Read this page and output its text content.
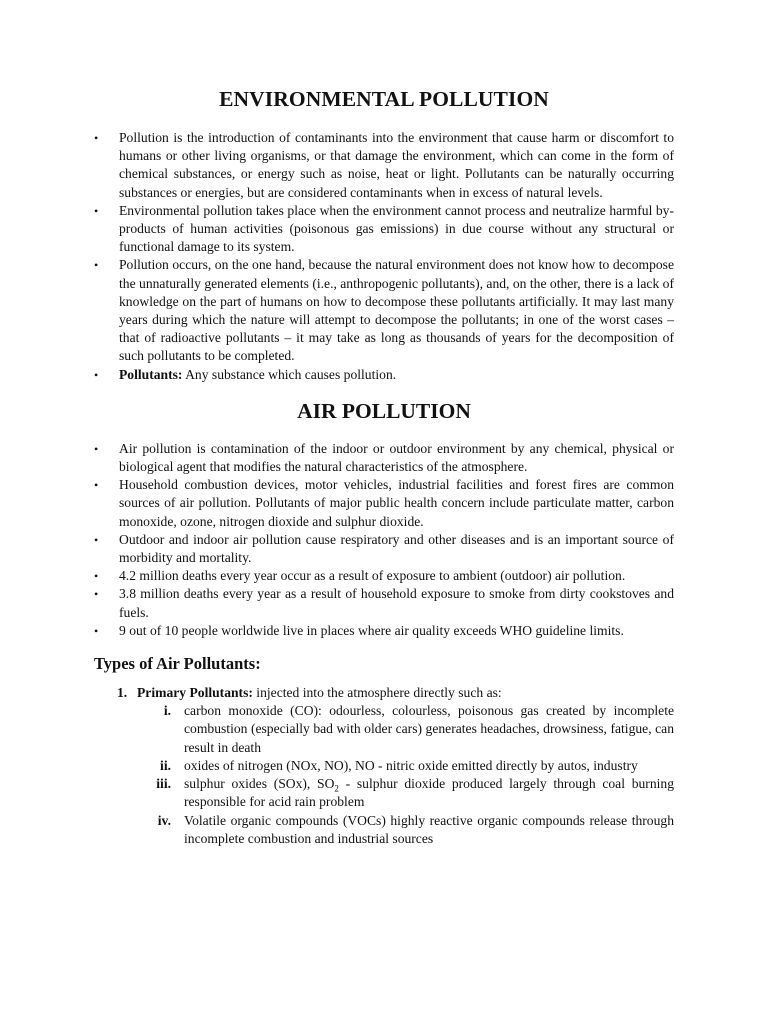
ENVIRONMENTAL POLLUTION
• Pollution is the introduction of contaminants into the environment that cause harm or discomfort to humans or other living organisms, or that damage the environment, which can come in the form of chemical substances, or energy such as noise, heat or light. Pollutants can be naturally occurring substances or energies, but are considered contaminants when in excess of natural levels.
• Environmental pollution takes place when the environment cannot process and neutralize harmful by-products of human activities (poisonous gas emissions) in due course without any structural or functional damage to its system.
• Pollution occurs, on the one hand, because the natural environment does not know how to decompose the unnaturally generated elements (i.e., anthropogenic pollutants), and, on the other, there is a lack of knowledge on the part of humans on how to decompose these pollutants artificially. It may last many years during which the nature will attempt to decompose the pollutants; in one of the worst cases – that of radioactive pollutants – it may take as long as thousands of years for the decomposition of such pollutants to be completed.
• Pollutants: Any substance which causes pollution.
AIR POLLUTION
• Air pollution is contamination of the indoor or outdoor environment by any chemical, physical or biological agent that modifies the natural characteristics of the atmosphere.
• Household combustion devices, motor vehicles, industrial facilities and forest fires are common sources of air pollution. Pollutants of major public health concern include particulate matter, carbon monoxide, ozone, nitrogen dioxide and sulphur dioxide.
• Outdoor and indoor air pollution cause respiratory and other diseases and is an important source of morbidity and mortality.
• 4.2 million deaths every year occur as a result of exposure to ambient (outdoor) air pollution.
• 3.8 million deaths every year as a result of household exposure to smoke from dirty cookstoves and fuels.
• 9 out of 10 people worldwide live in places where air quality exceeds WHO guideline limits.
Types of Air Pollutants:
1. Primary Pollutants: injected into the atmosphere directly such as:
i. carbon monoxide (CO): odourless, colourless, poisonous gas created by incomplete combustion (especially bad with older cars) generates headaches, drowsiness, fatigue, can result in death
ii. oxides of nitrogen (NOx, NO), NO - nitric oxide emitted directly by autos, industry
iii. sulphur oxides (SOx), $SO_2$ - sulphur dioxide produced largely through coal burning responsible for acid rain problem
iv. Volatile organic compounds (VOCs) highly reactive organic compounds release through incomplete combustion and industrial sources
